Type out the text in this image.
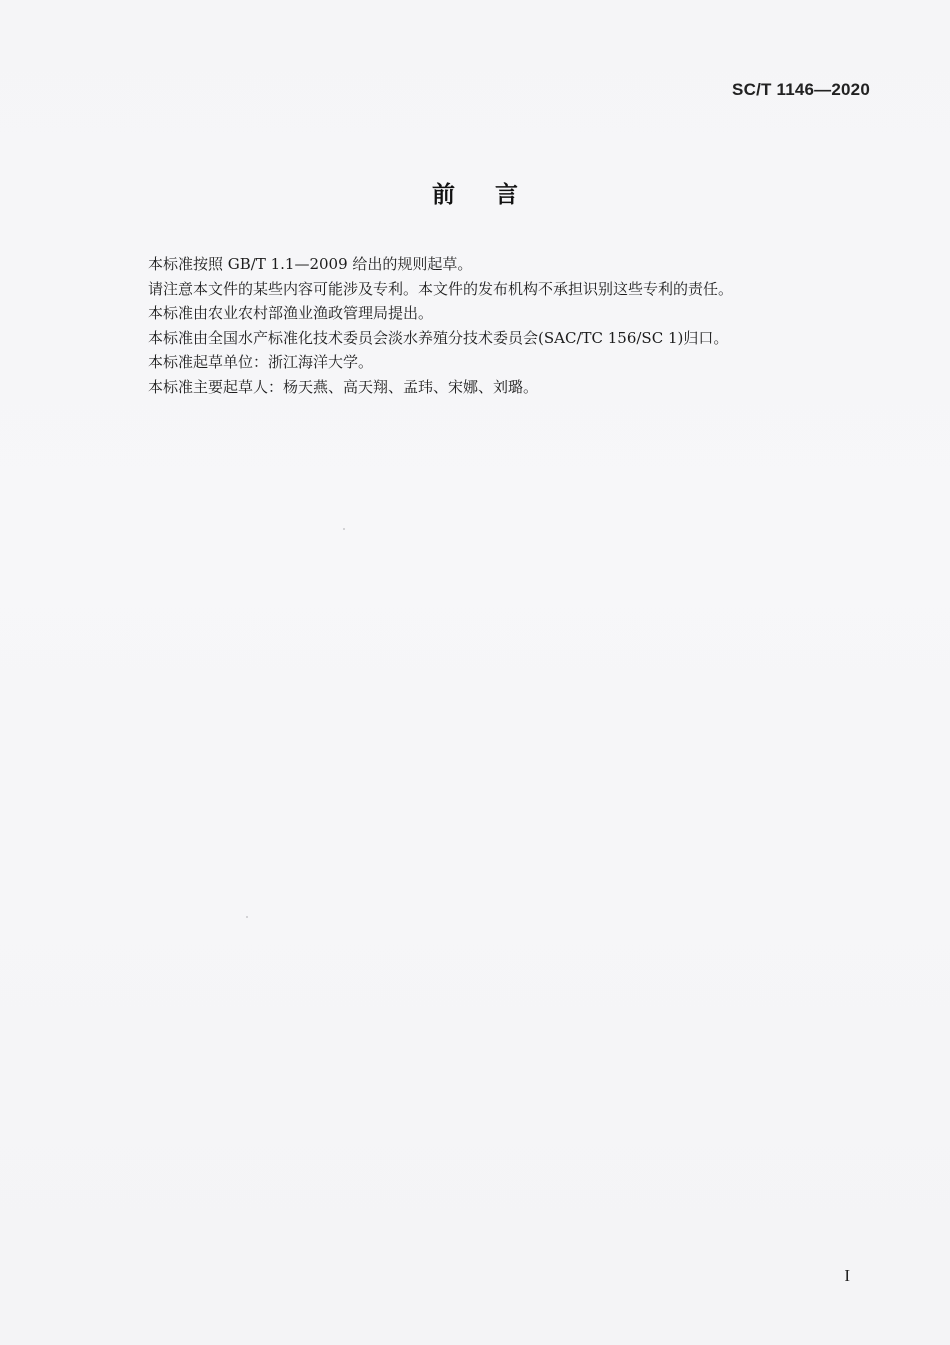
SC/T 1146—2020
前言

本标准按照 GB/T 1.1—2009 给出的规则起草。

请注意本文件的某些内容可能涉及专利。本文件的发布机构不承担识别这些专利的责任。

本标准由农业农村部渔业渔政管理局提出。

本标准由全国水产标准化技术委员会淡水养殖分技术委员会(SAC/TC 156/SC 1)归口。

本标准起草单位：浙江海洋大学。

本标准主要起草人：杨天燕、高天翔、孟玮、宋娜、刘璐。

I
